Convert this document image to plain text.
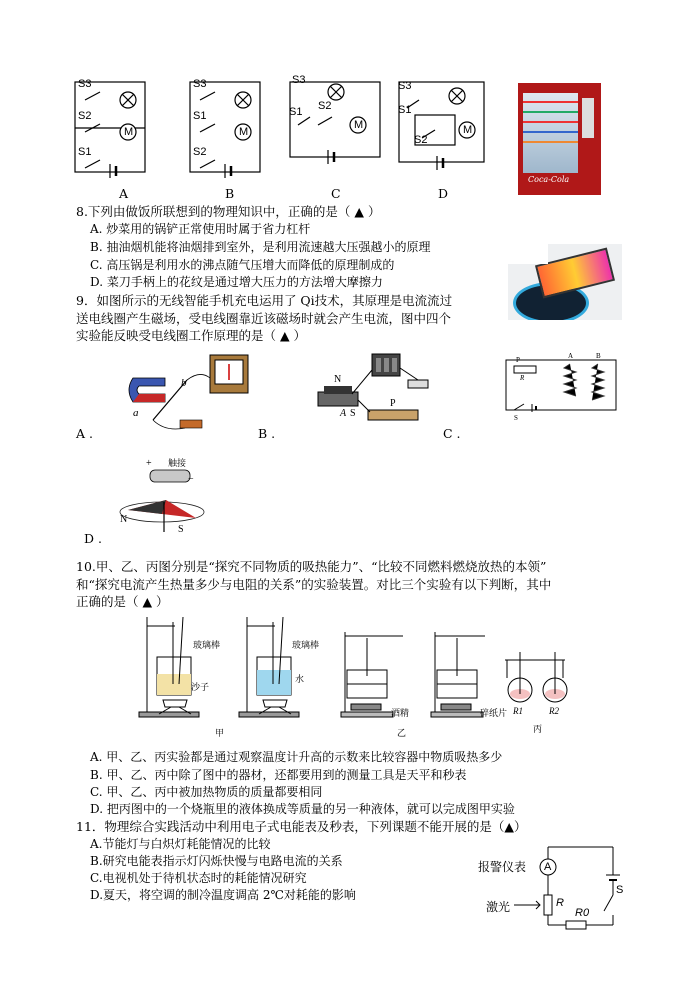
M	M
M	M
S3
S2
S1
S3
S1
S2
S3
S1 S2
S3
S1
S2
A	B	C	D
Coca-Cola
8.下列由做饭所联想到的物理知识中，正确的是（ ▲ ）
A. 炒菜用的锅铲正常使用时属于省力杠杆
B. 抽油烟机能将油烟排到室外，是利用流速越大压强越小的原理
C. 高压锅是利用水的沸点随气压增大而降低的原理制成的
D. 菜刀手柄上的花纹是通过增大压力的方法增大摩擦力
9．如图所示的无线智能手机充电运用了 Qi技术，其原理是电流流过
送电线圈产生磁场，受电线圈靠近该磁场时就会产生电流，图中四个
实验能反映受电线圈工作原理的是（ ▲ ）
a
b
A .
N
A S
P
B .
P
R
S
A	B
C .
+ 触接
−
N
S
D .
10.甲、乙、丙图分别是“探究不同物质的吸热能力”、“比较不同燃料燃烧放热的本领”
和“探究电流产生热量多少与电阻的关系”的实验装置。对比三个实验有以下判断，其中
正确的是（ ▲ ）
玻璃棒	玻璃棒
沙子
水
酒精	碎纸片 R1	R2
甲	乙	丙
A. 甲、乙、丙实验都是通过观察温度计升高的示数来比较容器中物质吸热多少
B. 甲、乙、丙中除了图中的器材，还都要用到的测量工具是天平和秒表
C. 甲、乙、丙中被加热物质的质量都要相同
D. 把丙图中的一个烧瓶里的液体换成等质量的另一种液体，就可以完成图甲实验
11．物理综合实践活动中利用电子式电能表及秒表，下列课题不能开展的是（▲）
A.节能灯与白炽灯耗能情况的比较
B.研究电能表指示灯闪烁快慢与电路电流的关系
C.电视机处于待机状态时的耗能情况研究
D.夏天，将空调的制冷温度调高 2℃对耗能的影响
报警仪表 A
激光	R
R0
S
